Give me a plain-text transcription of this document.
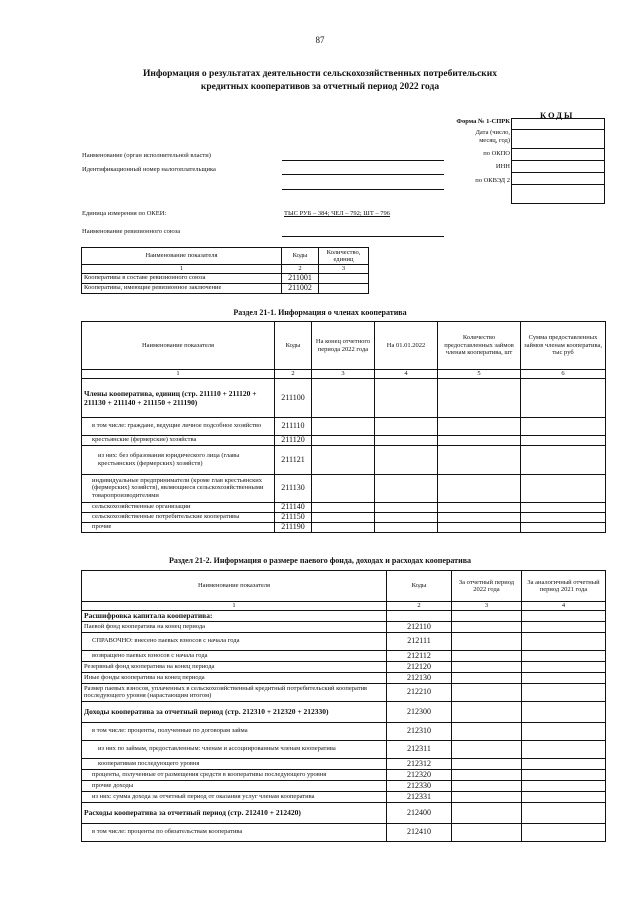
87
Информация о результатах деятельности сельскохозяйственных потребительских кредитных кооперативов за отчетный период 2022 года
КОДЫ
Форма № 1-СПРК
Дата (число, месяц, год)
по ОКПО
ИНН
по ОКВЭД 2

Наименование (орган исполнительной власти)
Идентификационный номер налогоплательщика
Единица измерения по ОКЕИ:	ТЫС РУБ – 384; ЧЕЛ – 792; ШТ – 796
Наименование ревизионного союза
Наименование показателя	Коды	Количество, единиц
1	2	3
Кооперативы в составе ревизионного союза	211001	
Кооперативы, имеющие ревизионное заключение	211002	
Раздел 21-1. Информация о членах кооператива
Наименование показателя	Коды	На конец отчетного периода 2022 года	На 01.01.2022	Количество предоставленных займов членам кооператива, шт	Сумма предоставленных займов членам кооператива, тыс руб
1	2	3	4	5	6
Члены кооператива, единиц (стр. 211110 + 211120 + 211130 + 211140 + 211150 + 211190)	211100				
в том числе: граждане, ведущие личное подсобное хозяйство	211110				
крестьянские (фермерские) хозяйства	211120				
из них: без образования юридического лица (главы крестьянских (фермерских) хозяйств)	211121				
индивидуальные предприниматели (кроме глав крестьянских (фермерских) хозяйств), являющиеся сельскохозяйственными товаропроизводителями	211130				
сельскохозяйственные организации	211140				
сельскохозяйственные потребительские кооперативы	211150				
прочие	211190				
Раздел 21-2. Информация о размере паевого фонда, доходах и расходах кооператива
Наименование показателя	Коды	За отчетный период 2022 года	За аналогичный отчетный период 2021 года
1	2	3	4
Расшифровка капитала кооператива:			
Паевой фонд кооператива на конец периода	212110		
СПРАВОЧНО: внесено паевых взносов с начала года	212111		
возвращено паевых взносов с начала года	212112		
Резервный фонд кооператива на конец периода	212120		
Иные фонды кооператива на конец периода	212130		
Размер паевых взносов, уплаченных в сельскохозяйственный кредитный потребительский кооператив последующего уровня (нарастающим итогом)	212210		
Доходы кооператива за отчетный период (стр. 212310 + 212320 + 212330)	212300		
в том числе: проценты, полученные по договорам займа	212310		
из них по займам, предоставленным: членам и ассоциированным членам кооператива	212311		
кооперативам последующего уровня	212312		
проценты, полученные от размещения средств в кооперативы последующего уровня	212320		
прочие доходы	212330		
из них: сумма дохода за отчетный период от оказания услуг членам кооператива	212331		
Расходы кооператива за отчетный период (стр. 212410 + 212420)	212400		
в том числе: проценты по обязательствам кооператива	212410		
